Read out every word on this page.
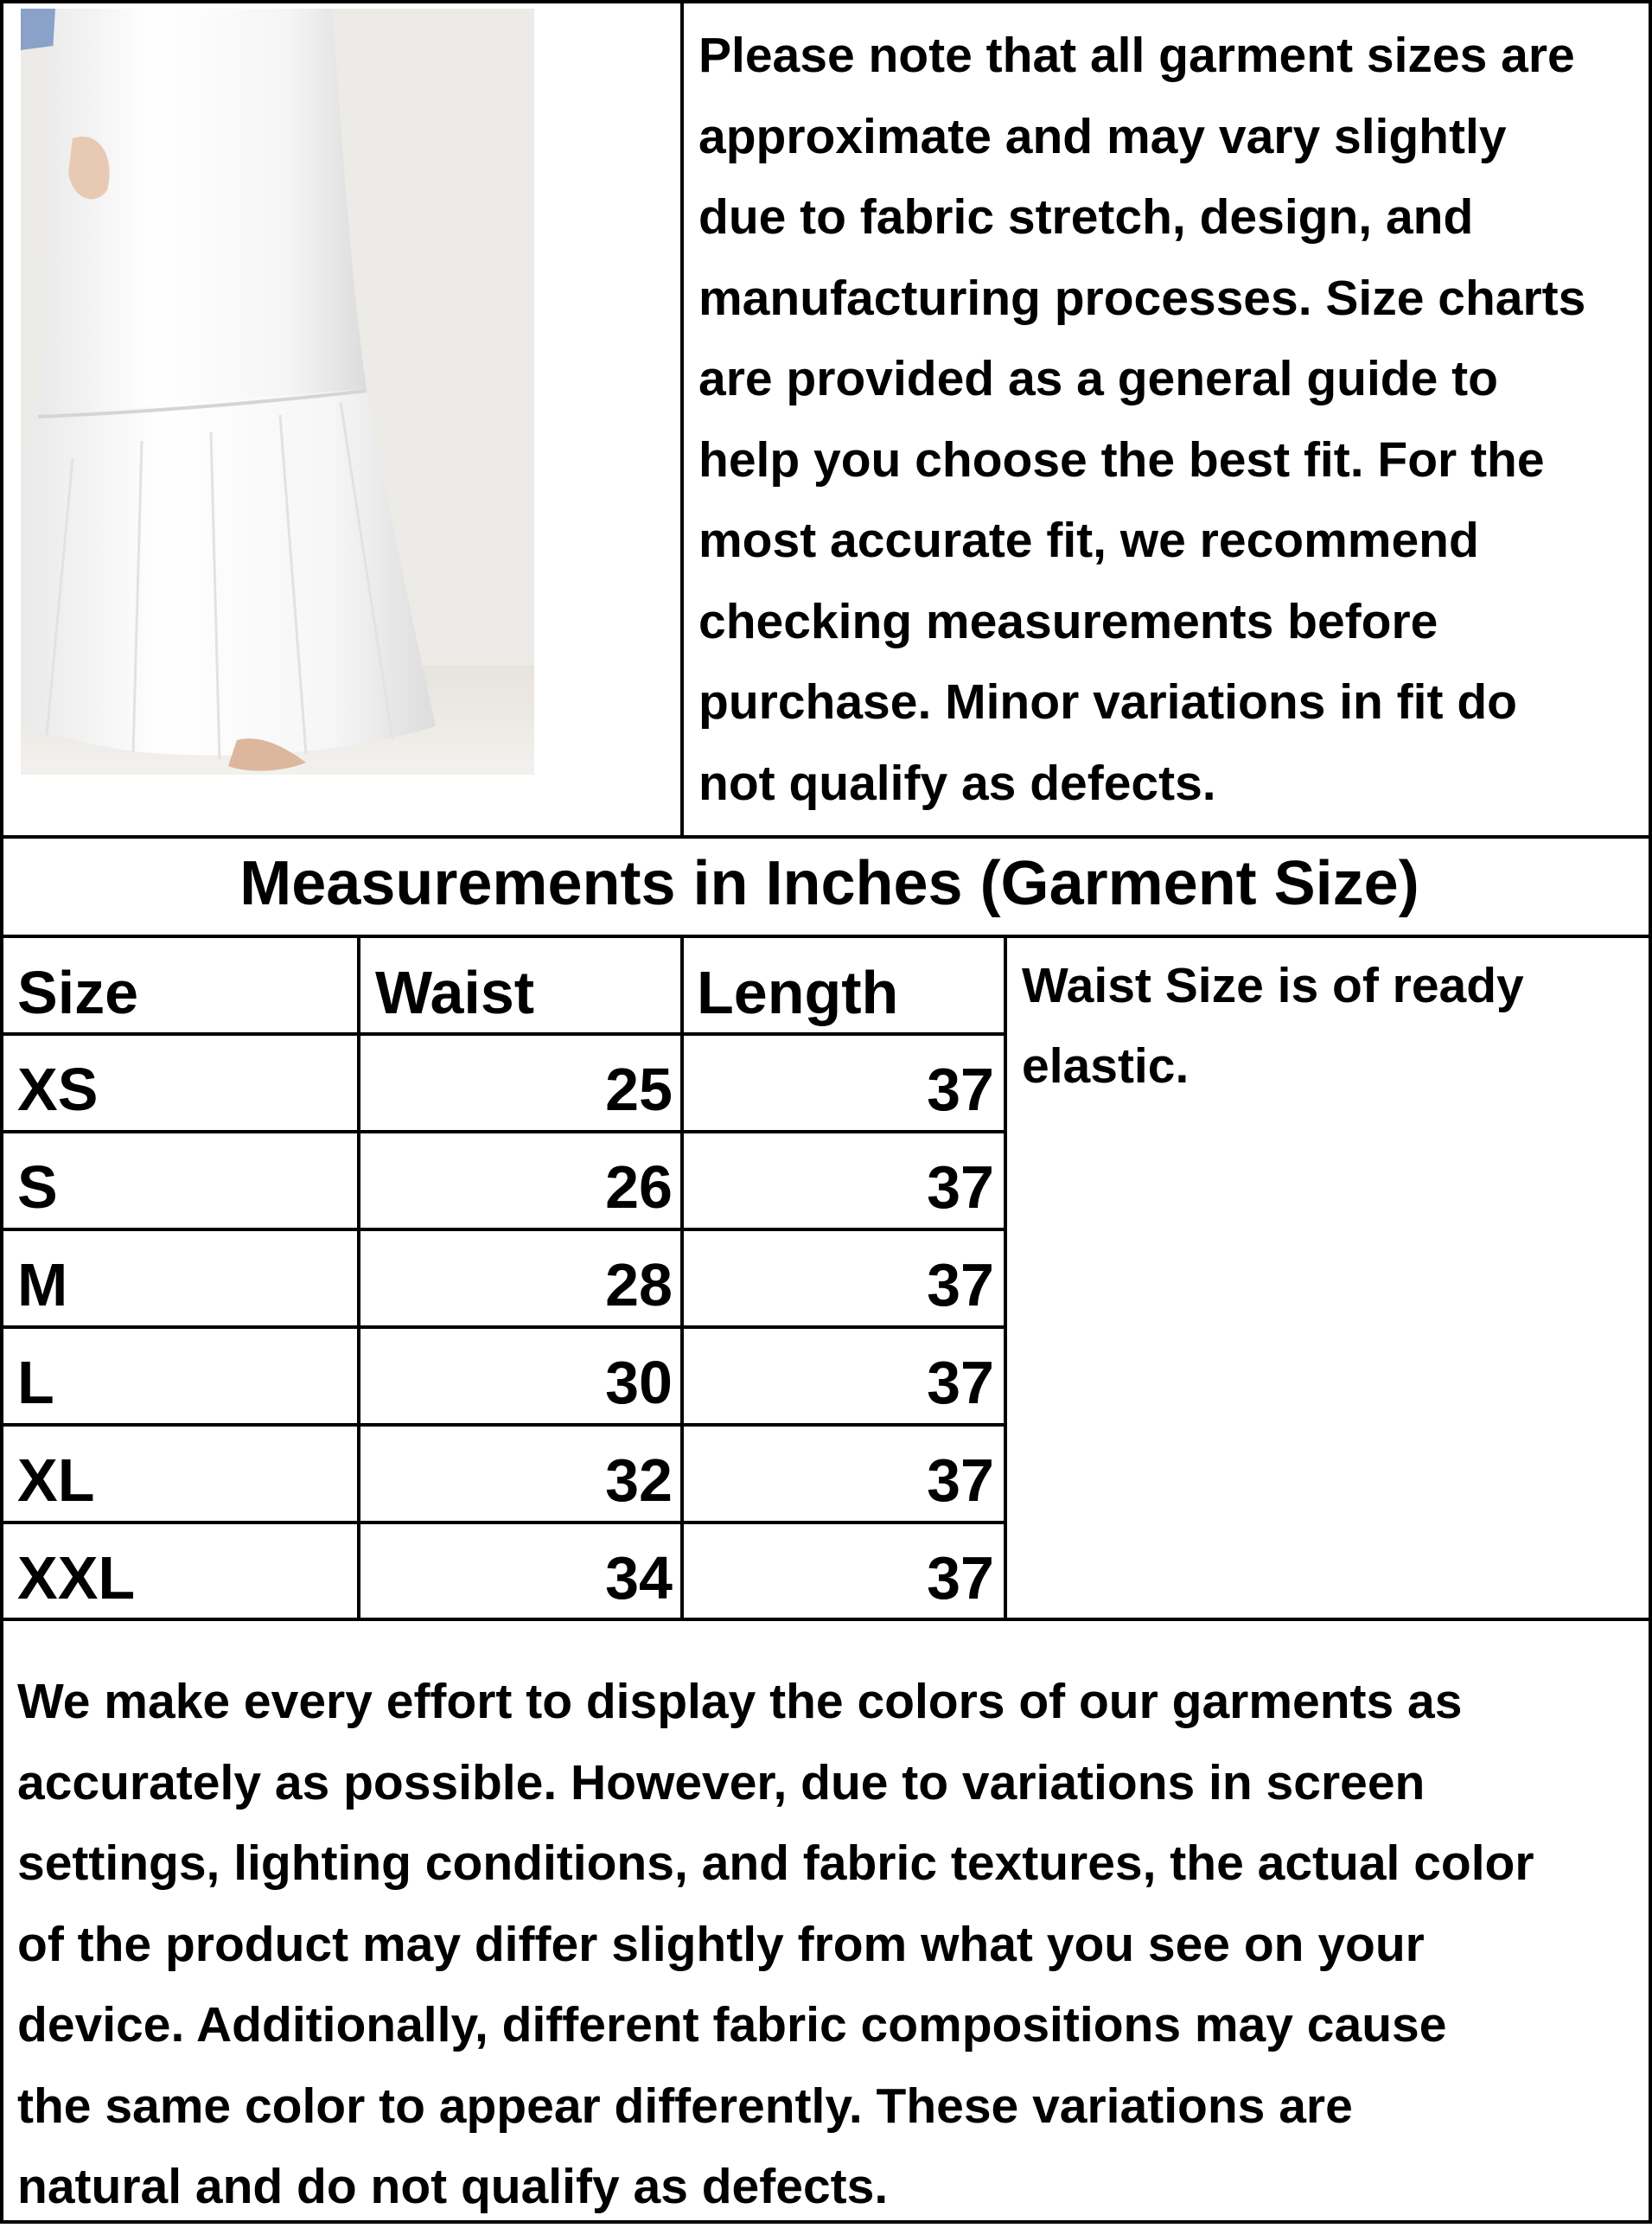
Please note that all garment sizes are
approximate and may vary slightly
due to fabric stretch, design, and
manufacturing processes. Size charts
are provided as a general guide to
help you choose the best fit. For the
most accurate fit, we recommend
checking measurements before
purchase. Minor variations in fit do
not qualify as defects.
Measurements in Inches (Garment Size)
Size	Waist	Length
XS	25	37
S	26	37
M	28	37
L	30	37
XL	32	37
XXL	34	37
Waist Size is of ready
elastic.
We make every effort to display the colors of our garments as
accurately as possible. However, due to variations in screen
settings, lighting conditions, and fabric textures, the actual color
of the product may differ slightly from what you see on your
device. Additionally, different fabric compositions may cause
the same color to appear differently. These variations are
natural and do not qualify as defects.
